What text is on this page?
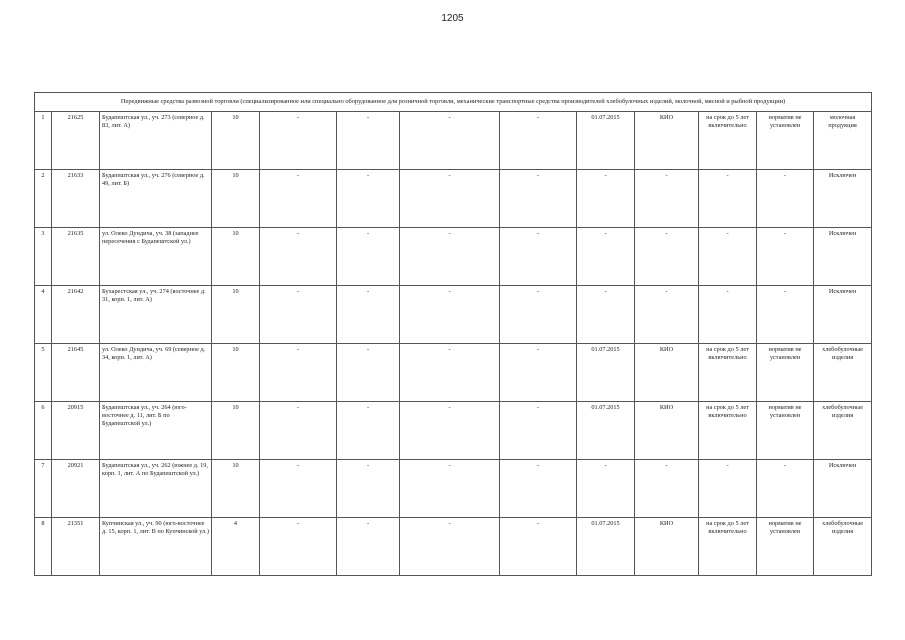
1205
Передвижные средства развозной торговли (специализированное или специально оборудованное для розничной торговли, механические транспортные средства производителей хлебобулочных изделий, молочной, мясной и рыбной продукции)												
1	21625	Будапештская ул., уч. 273 (северное д. 83, лит. А)	10	-	-	-	-	01.07.2015	КИО	на срок до 5 лет включительно	норматив не установлен	молочная продукция
2	21633	Будапештская ул., уч. 276 (северное д. 49, лит. Б)	10	-	-	-	-	-	-	-	-	Исключен
3	21635	ул. Олеко Дундича, уч. 38 (западнее пересечения с Будапештской ул.)	10	-	-	-	-	-	-	-	-	Исключен
4	21642	Бухарестская ул., уч. 274 (восточнее д. 31, корп. 1, лит. А)	10	-	-	-	-	-	-	-	-	Исключен
5	21645	ул. Олеко Дундича, уч. 69 (северное д. 34, корп. 1, лит. А)	10	-	-	-	-	01.07.2015	КИО	на срок до 5 лет включительно	норматив не установлен	хлебобулочные изделия
6	20915	Будапештская ул., уч. 264 (юго-восточнее д. 11, лит. Б по Будапештской ул.)	10	-	-	-	-	01.07.2015	КИО	на срок до 5 лет включительно	норматив не установлен	хлебобулочные изделия
7	20921	Будапештская ул., уч. 262 (южнее д. 19, корп. 1, лит. А по Будапештской ул.)	10	-	-	-	-	-	-	-	-	Исключен
8	21351	Купчинская ул., уч. 90 (юго-восточнее д. 15, корп. 1, лит. В по Купчинской ул.)	4	-	-	-	-	01.07.2015	КИО	на срок до 5 лет включительно	норматив не установлен	хлебобулочные изделия
